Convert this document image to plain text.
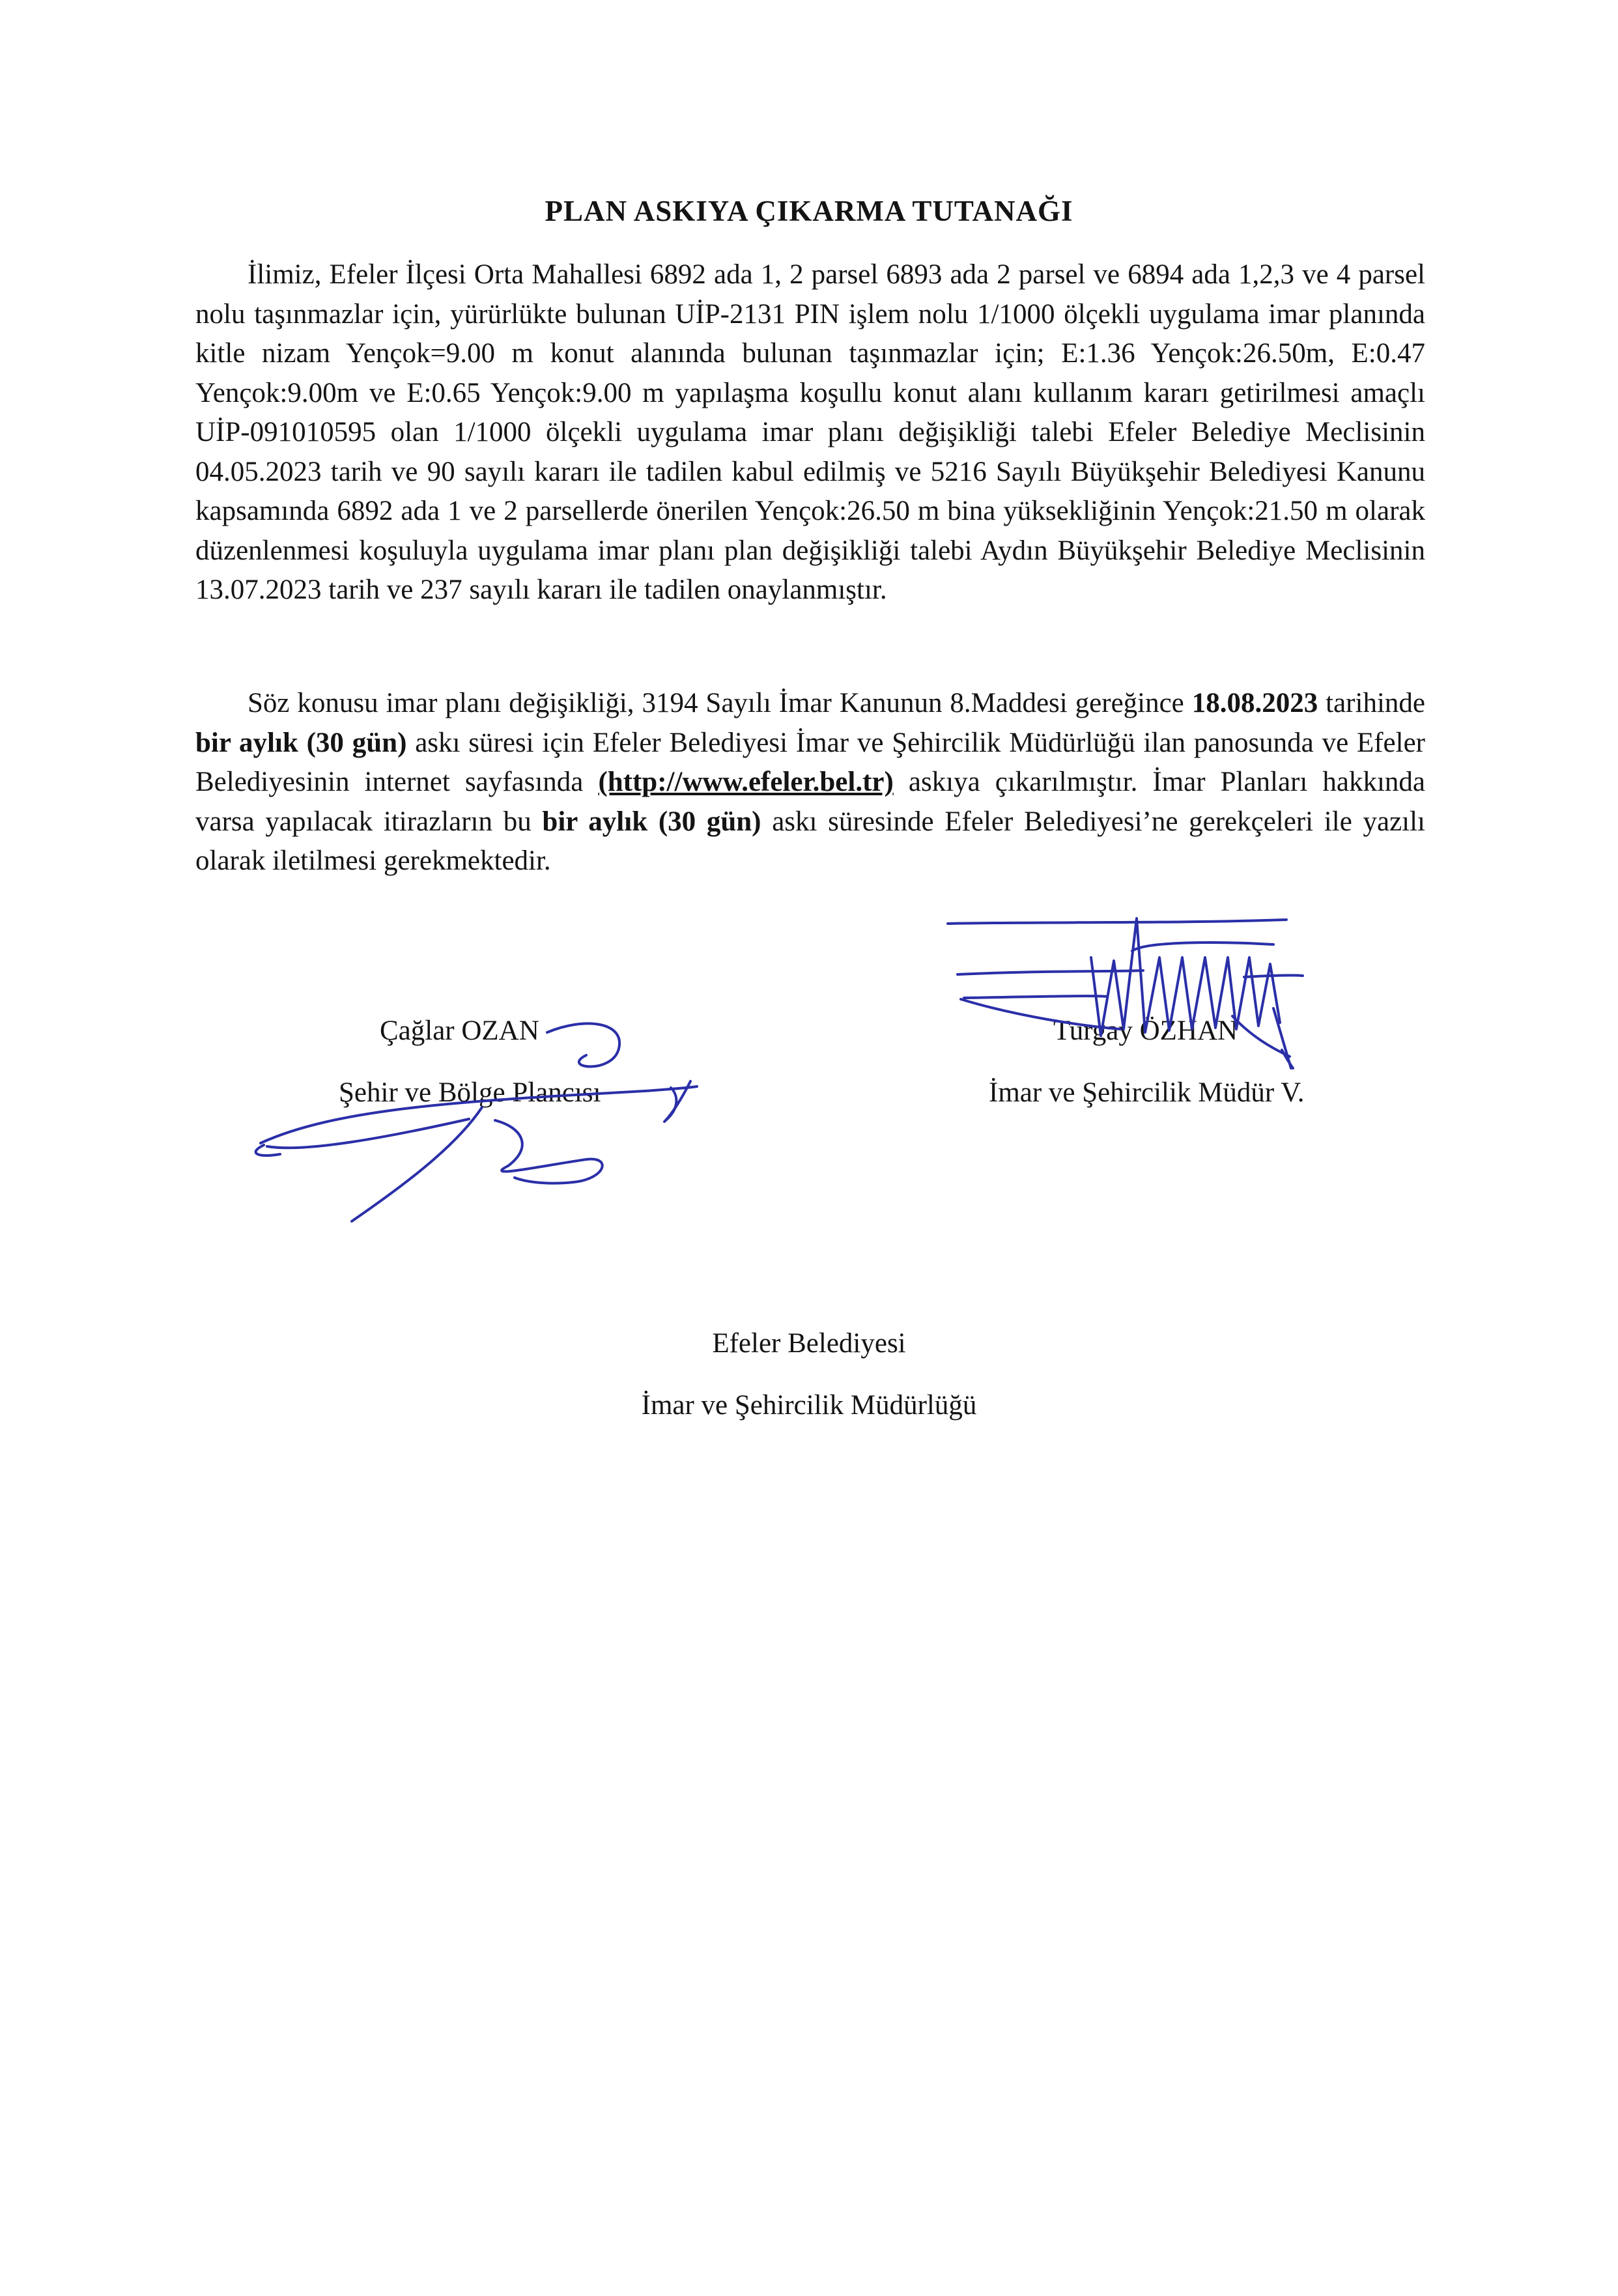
PLAN ASKIYA ÇIKARMA TUTANAĞI

İlimiz, Efeler İlçesi Orta Mahallesi 6892 ada 1, 2 parsel 6893 ada 2 parsel ve 6894 ada 1,2,3 ve 4 parsel nolu taşınmazlar için, yürürlükte bulunan UİP-2131 PIN işlem nolu 1/1000 ölçekli uygulama imar planında kitle nizam Yençok=9.00 m konut alanında bulunan taşınmazlar için; E:1.36 Yençok:26.50m, E:0.47 Yençok:9.00m ve E:0.65 Yençok:9.00 m yapılaşma koşullu konut alanı kullanım kararı getirilmesi amaçlı UİP-091010595 olan 1/1000 ölçekli uygulama imar planı değişikliği talebi Efeler Belediye Meclisinin 04.05.2023 tarih ve 90 sayılı kararı ile tadilen kabul edilmiş ve 5216 Sayılı Büyükşehir Belediyesi Kanunu kapsamında 6892 ada 1 ve 2 parsellerde önerilen Yençok:26.50 m bina yüksekliğinin Yençok:21.50 m olarak düzenlenmesi koşuluyla uygulama imar planı plan değişikliği talebi Aydın Büyükşehir Belediye Meclisinin 13.07.2023 tarih ve 237 sayılı kararı ile tadilen onaylanmıştır.

Söz konusu imar planı değişikliği, 3194 Sayılı İmar Kanunun 8.Maddesi gereğince 18.08.2023 tarihinde bir aylık (30 gün) askı süresi için Efeler Belediyesi İmar ve Şehircilik Müdürlüğü ilan panosunda ve Efeler Belediyesinin internet sayfasında (http://www.efeler.bel.tr) askıya çıkarılmıştır. İmar Planları hakkında varsa yapılacak itirazların bu bir aylık (30 gün) askı süresinde Efeler Belediyesi’ne gerekçeleri ile yazılı olarak iletilmesi gerekmektedir.

Çağlar OZAN
Şehir ve Bölge Plancısı
Turgay ÖZHAN
İmar ve Şehircilik Müdür V.
Efeler Belediyesi
İmar ve Şehircilik Müdürlüğü
